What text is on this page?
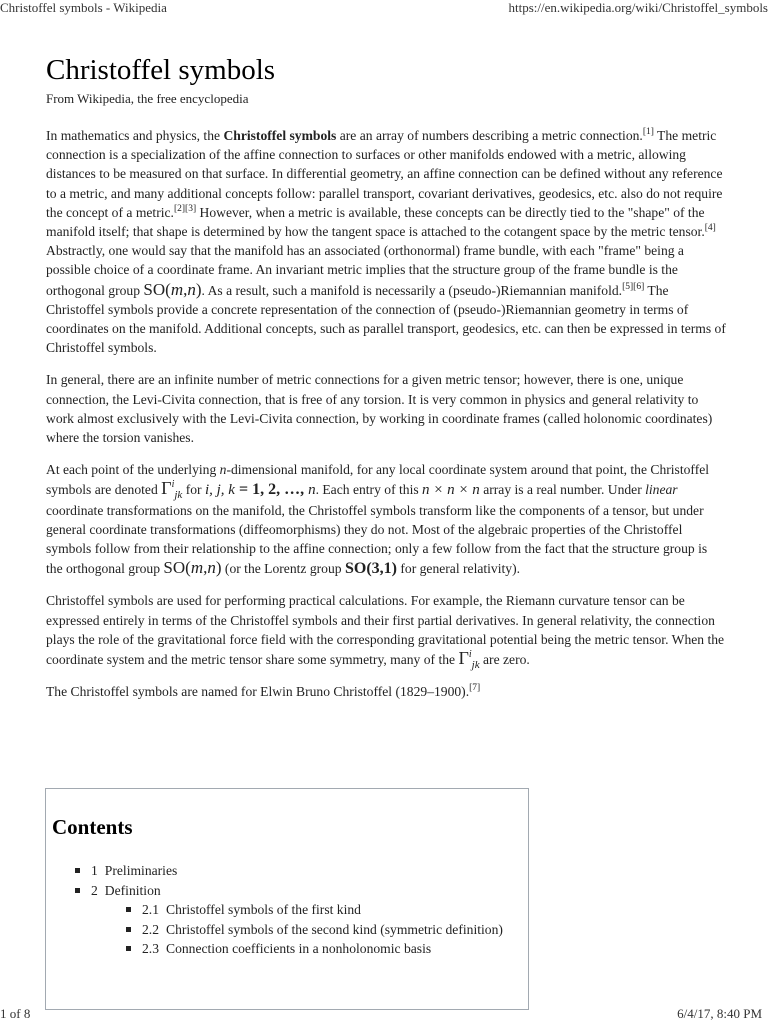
Christoffel symbols - Wikipedia	https://en.wikipedia.org/wiki/Christoffel_symbols
Christoffel symbols
From Wikipedia, the free encyclopedia

In mathematics and physics, the Christoffel symbols are an array of numbers describing a metric connection.[1] The metric connection is a specialization of the affine connection to surfaces or other manifolds endowed with a metric, allowing distances to be measured on that surface. In differential geometry, an affine connection can be defined without any reference to a metric, and many additional concepts follow: parallel transport, covariant derivatives, geodesics, etc. also do not require the concept of a metric.[2][3] However, when a metric is available, these concepts can be directly tied to the "shape" of the manifold itself; that shape is determined by how the tangent space is attached to the cotangent space by the metric tensor.[4] Abstractly, one would say that the manifold has an associated (orthonormal) frame bundle, with each "frame" being a possible choice of a coordinate frame. An invariant metric implies that the structure group of the frame bundle is the orthogonal group SO(m,n). As a result, such a manifold is necessarily a (pseudo-)Riemannian manifold.[5][6] The Christoffel symbols provide a concrete representation of the connection of (pseudo-)Riemannian geometry in terms of coordinates on the manifold. Additional concepts, such as parallel transport, geodesics, etc. can then be expressed in terms of Christoffel symbols.

In general, there are an infinite number of metric connections for a given metric tensor; however, there is one, unique connection, the Levi-Civita connection, that is free of any torsion. It is very common in physics and general relativity to work almost exclusively with the Levi-Civita connection, by working in coordinate frames (called holonomic coordinates) where the torsion vanishes.

At each point of the underlying n-dimensional manifold, for any local coordinate system around that point, the Christoffel symbols are denoted $\Gamma^i_{jk}$ for i, j, k = 1, 2, …, n. Each entry of this n × n × n array is a real number. Under linear coordinate transformations on the manifold, the Christoffel symbols transform like the components of a tensor, but under general coordinate transformations (diffeomorphisms) they do not. Most of the algebraic properties of the Christoffel symbols follow from their relationship to the affine connection; only a few follow from the fact that the structure group is the orthogonal group SO(m,n) (or the Lorentz group SO(3,1) for general relativity).

Christoffel symbols are used for performing practical calculations. For example, the Riemann curvature tensor can be expressed entirely in terms of the Christoffel symbols and their first partial derivatives. In general relativity, the connection plays the role of the gravitational force field with the corresponding gravitational potential being the metric tensor. When the coordinate system and the metric tensor share some symmetry, many of the $\Gamma^i_{jk}$ are zero.

The Christoffel symbols are named for Elwin Bruno Christoffel (1829–1900).[7]

Contents
1 Preliminaries
2 Definition
2.1 Christoffel symbols of the first kind
2.2 Christoffel symbols of the second kind (symmetric definition)
2.3 Connection coefficients in a nonholonomic basis
1 of 8	6/4/17, 8:40 PM
